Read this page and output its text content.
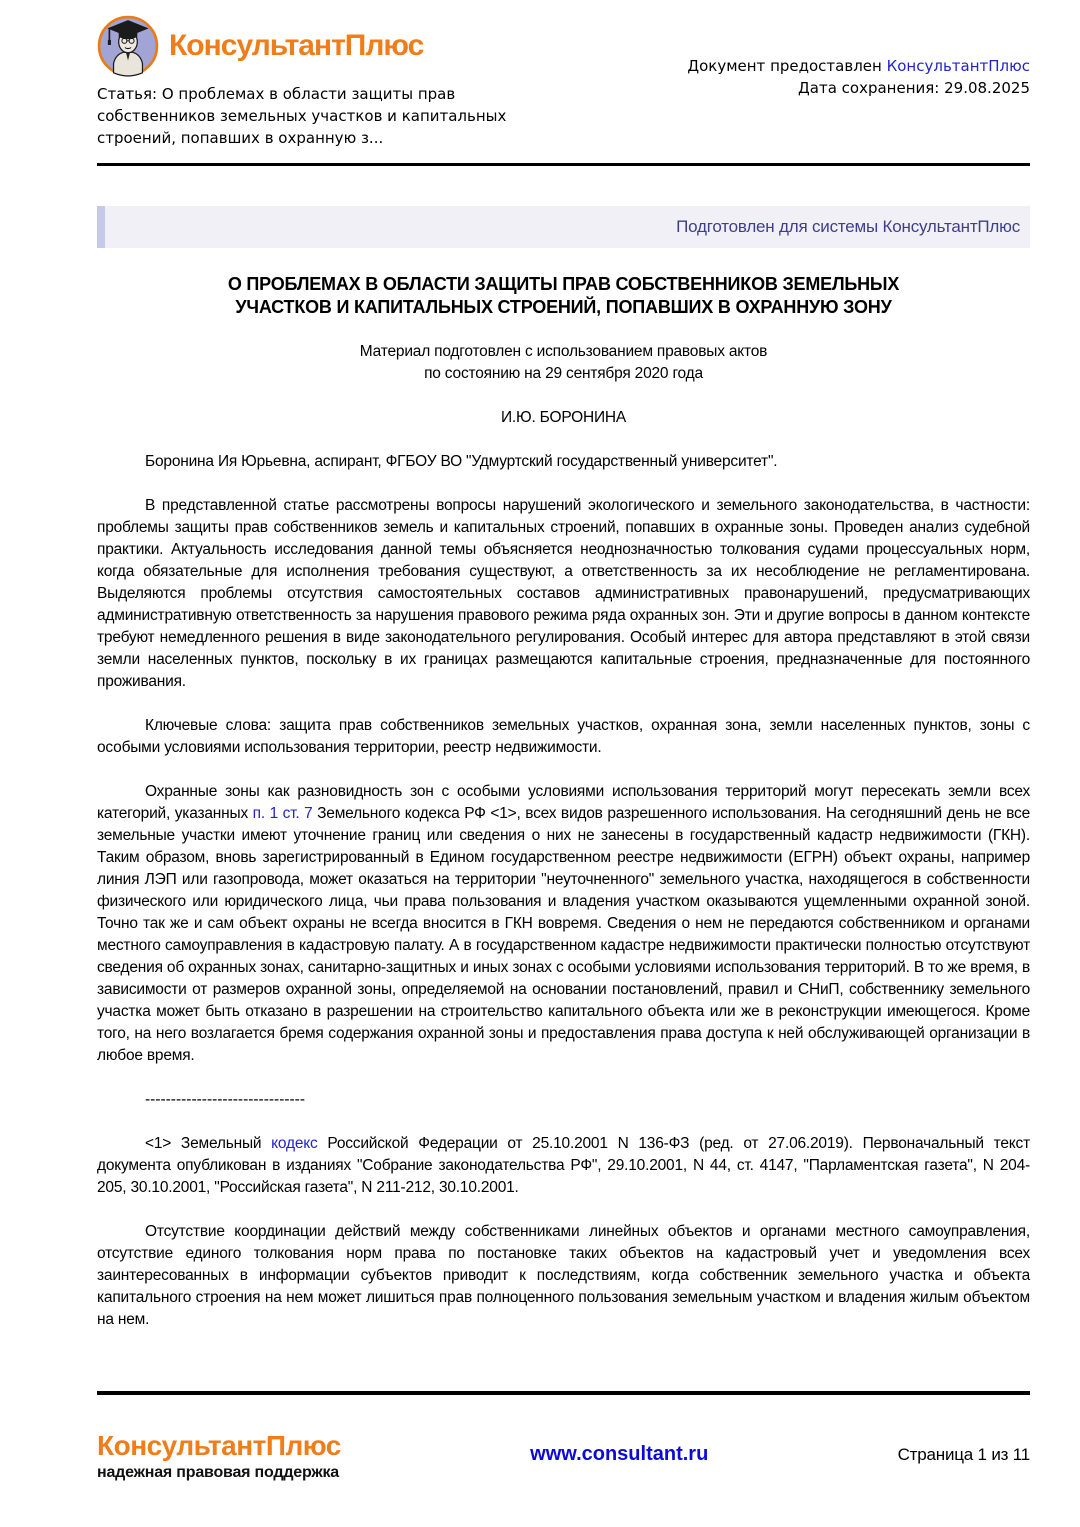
КонсультантПлюс
Статья: О проблемах в области защиты прав собственников земельных участков и капитальных строений, попавших в охранную з...
Документ предоставлен КонсультантПлюс
Дата сохранения: 29.08.2025
Подготовлен для системы КонсультантПлюс
О ПРОБЛЕМАХ В ОБЛАСТИ ЗАЩИТЫ ПРАВ СОБСТВЕННИКОВ ЗЕМЕЛЬНЫХ
УЧАСТКОВ И КАПИТАЛЬНЫХ СТРОЕНИЙ, ПОПАВШИХ В ОХРАННУЮ ЗОНУ
Материал подготовлен с использованием правовых актов
по состоянию на 29 сентября 2020 года
И.Ю. БОРОНИНА

Боронина Ия Юрьевна, аспирант, ФГБОУ ВО "Удмуртский государственный университет".

В представленной статье рассмотрены вопросы нарушений экологического и земельного законодательства, в частности: проблемы защиты прав собственников земель и капитальных строений, попавших в охранные зоны. Проведен анализ судебной практики. Актуальность исследования данной темы объясняется неоднозначностью толкования судами процессуальных норм, когда обязательные для исполнения требования существуют, а ответственность за их несоблюдение не регламентирована. Выделяются проблемы отсутствия самостоятельных составов административных правонарушений, предусматривающих административную ответственность за нарушения правового режима ряда охранных зон. Эти и другие вопросы в данном контексте требуют немедленного решения в виде законодательного регулирования. Особый интерес для автора представляют в этой связи земли населенных пунктов, поскольку в их границах размещаются капитальные строения, предназначенные для постоянного проживания.

Ключевые слова: защита прав собственников земельных участков, охранная зона, земли населенных пунктов, зоны с особыми условиями использования территории, реестр недвижимости.

Охранные зоны как разновидность зон с особыми условиями использования территорий могут пересекать земли всех категорий, указанных п. 1 ст. 7 Земельного кодекса РФ <1>, всех видов разрешенного использования. На сегодняшний день не все земельные участки имеют уточнение границ или сведения о них не занесены в государственный кадастр недвижимости (ГКН). Таким образом, вновь зарегистрированный в Едином государственном реестре недвижимости (ЕГРН) объект охраны, например линия ЛЭП или газопровода, может оказаться на территории "неуточненного" земельного участка, находящегося в собственности физического или юридического лица, чьи права пользования и владения участком оказываются ущемленными охранной зоной. Точно так же и сам объект охраны не всегда вносится в ГКН вовремя. Сведения о нем не передаются собственником и органами местного самоуправления в кадастровую палату. А в государственном кадастре недвижимости практически полностью отсутствуют сведения об охранных зонах, санитарно-защитных и иных зонах с особыми условиями использования территорий. В то же время, в зависимости от размеров охранной зоны, определяемой на основании постановлений, правил и СНиП, собственнику земельного участка может быть отказано в разрешении на строительство капитального объекта или же в реконструкции имеющегося. Кроме того, на него возлагается бремя содержания охранной зоны и предоставления права доступа к ней обслуживающей организации в любое время.

-------------------------------

<1> Земельный кодекс Российской Федерации от 25.10.2001 N 136-ФЗ (ред. от 27.06.2019). Первоначальный текст документа опубликован в изданиях "Собрание законодательства РФ", 29.10.2001, N 44, ст. 4147, "Парламентская газета", N 204-205, 30.10.2001, "Российская газета", N 211-212, 30.10.2001.

Отсутствие координации действий между собственниками линейных объектов и органами местного самоуправления, отсутствие единого толкования норм права по постановке таких объектов на кадастровый учет и уведомления всех заинтересованных в информации субъектов приводит к последствиям, когда собственник земельного участка и объекта капитального строения на нем может лишиться прав полноценного пользования земельным участком и владения жилым объектом на нем.

КонсультантПлюс
надежная правовая поддержка
www.consultant.ru	Страница 1 из 11
